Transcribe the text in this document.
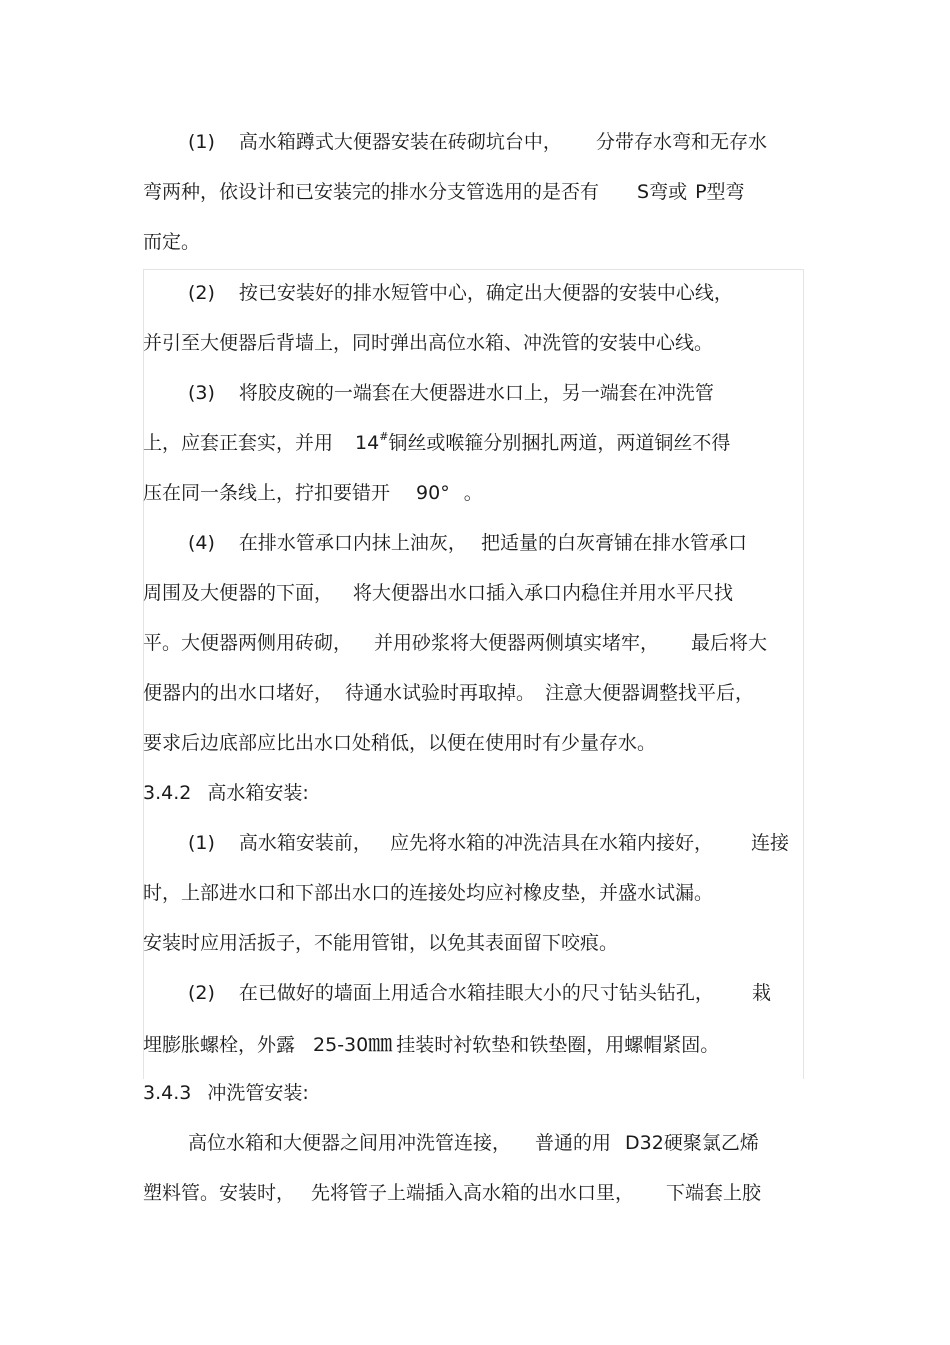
(1) 高水箱蹲式大便器安装在砖砌坑台中， 分带存水弯和无存水
弯两种，依设计和已安装完的排水分支管选用的是否有 S弯或 P型弯
而定。
(2) 按已安装好的排水短管中心，确定出大便器的安装中心线，
并引至大便器后背墙上，同时弹出高位水箱、冲洗管的安装中心线。
(3) 将胶皮碗的一端套在大便器进水口上，另一端套在冲洗管
上，应套正套实，并用 14#铜丝或喉箍分别捆扎两道，两道铜丝不得
压在同一条线上，拧扣要错开 90° 。
(4) 在排水管承口内抹上油灰， 把适量的白灰膏铺在排水管承口
周围及大便器的下面， 将大便器出水口插入承口内稳住并用水平尺找
平。大便器两侧用砖砌， 并用砂浆将大便器两侧填实堵牢， 最后将大
便器内的出水口堵好， 待通水试验时再取掉。 注意大便器调整找平后，
要求后边底部应比出水口处稍低，以便在使用时有少量存水。
3.4.2 高水箱安装:
(1) 高水箱安装前， 应先将水箱的冲洗洁具在水箱内接好， 连接
时，上部进水口和下部出水口的连接处均应衬橡皮垫，并盛水试漏。
安装时应用活扳子，不能用管钳，以免其表面留下咬痕。
(2) 在已做好的墙面上用适合水箱挂眼大小的尺寸钻头钻孔， 栽
埋膨胀螺栓，外露 25-30㎜ 挂装时衬软垫和铁垫圈，用螺帽紧固。
3.4.3 冲洗管安装:
高位水箱和大便器之间用冲洗管连接， 普通的用 D32硬聚氯乙烯
塑料管。安装时， 先将管子上端插入高水箱的出水口里， 下端套上胶
